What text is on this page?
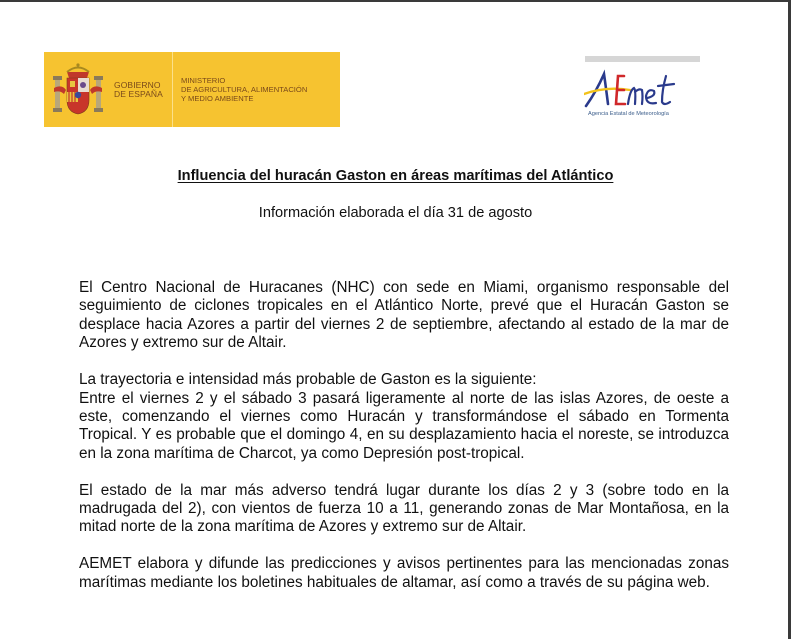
GOBIERNO
DE ESPAÑA
MINISTERIO
DE AGRICULTURA, ALIMENTACIÓN
Y MEDIO AMBIENTE
Agencia Estatal de Meteorología
Influencia del huracán Gaston en áreas marítimas del Atlántico
Información elaborada el día 31 de agosto

El Centro Nacional de Huracanes (NHC) con sede en Miami, organismo responsable del seguimiento de ciclones tropicales en el Atlántico Norte, prevé que el Huracán Gaston se desplace hacia Azores a partir del viernes 2 de septiembre, afectando al estado de la mar de Azores y extremo sur de Altair.

La trayectoria e intensidad más probable de Gaston es la siguiente:

Entre el viernes 2 y el sábado 3 pasará ligeramente al norte de las islas Azores, de oeste a este, comenzando el viernes como Huracán y transformándose el sábado en Tormenta Tropical. Y es probable que el domingo 4, en su desplazamiento hacia el noreste, se introduzca en la zona marítima de Charcot, ya como Depresión post-tropical.

El estado de la mar más adverso tendrá lugar durante los días 2 y 3 (sobre todo en la madrugada del 2), con vientos de fuerza 10 a 11, generando zonas de Mar Montañosa, en la mitad norte de la zona marítima de Azores y extremo sur de Altair.

AEMET elabora y difunde las predicciones y avisos pertinentes para las mencionadas zonas marítimas mediante los boletines habituales de altamar, así como a través de su página web.
